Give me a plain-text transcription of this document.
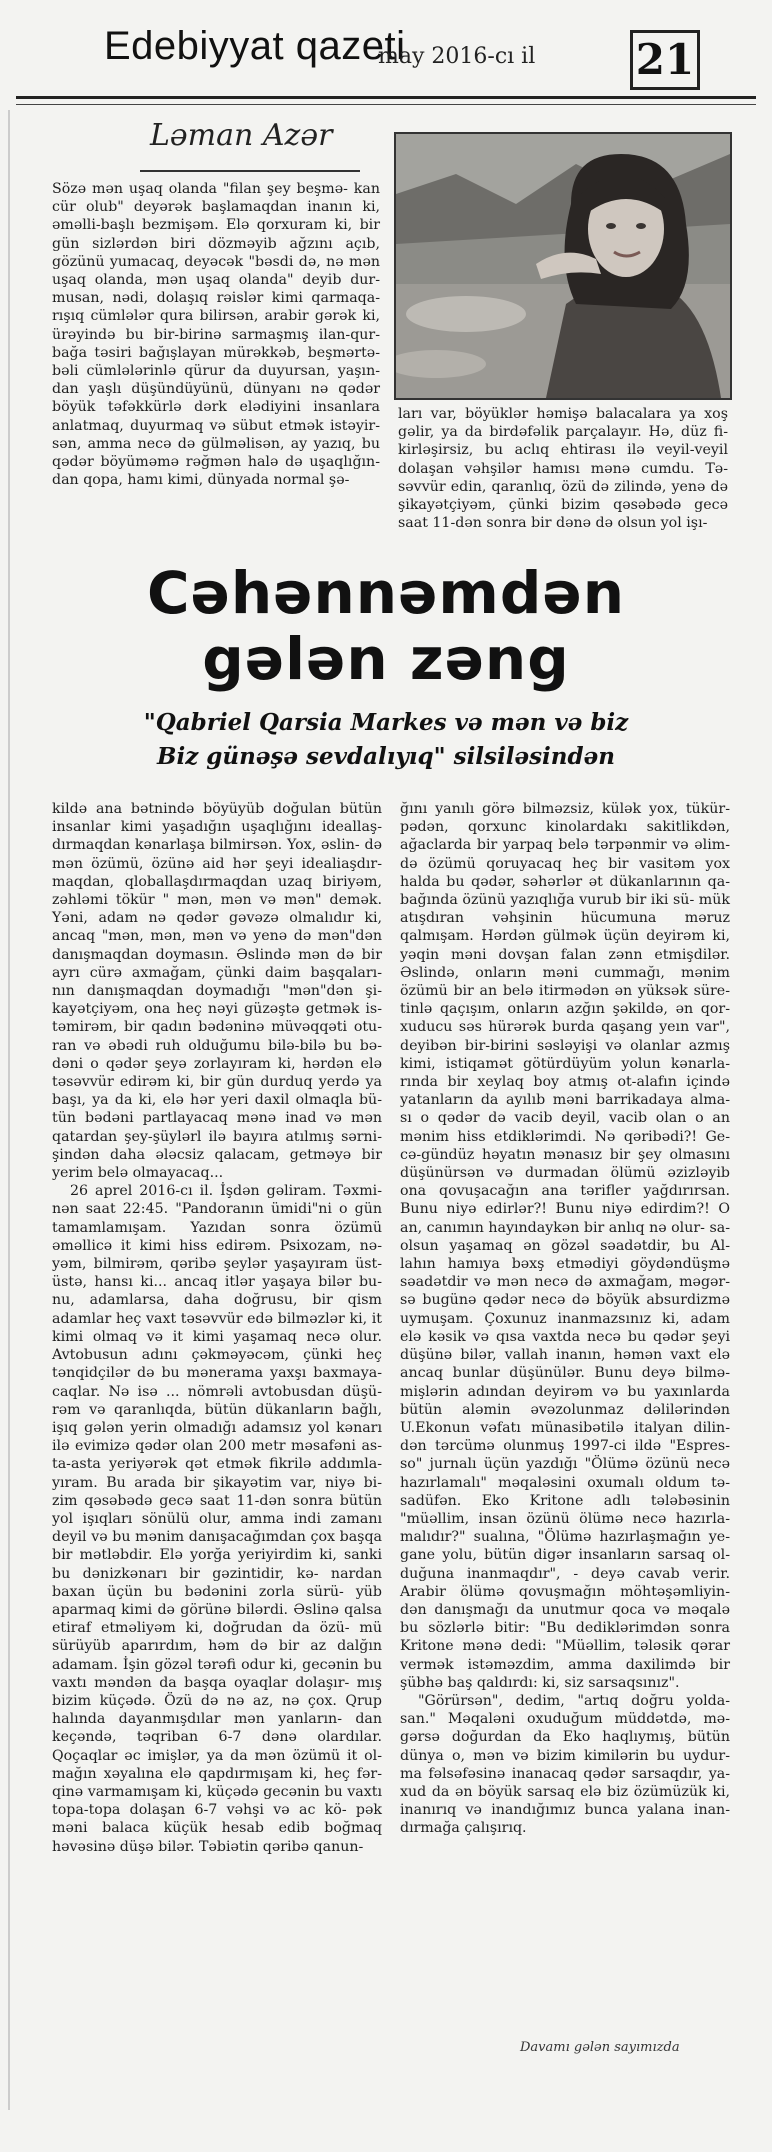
Edebiyyat qazeti
may 2016-cı il 21
Ləman Azər

Sözə mən uşaq olanda "filan şey beşmə- kan cür olub" deyərək başlamaqdan inanın ki, əməlli-başlı bezmişəm. Elə qorxuram ki, bir gün sizlərdən biri dözməyib ağzını açıb, gözünü yumacaq, deyəcək "bəsdi də, nə mən uşaq olanda, mən uşaq olanda" deyib dur- musan, nədi, dolaşıq rəislər kimi qarmaqa- rışıq cümlələr qura bilirsən, arabir gərək ki, ürəyində bu bir-birinə sarmaşmış ilan-qur- bağa təsiri bağışlayan mürəkkəb, beşmərtə- bəli cümlələrinlə qürur da duyursan, yaşın- dan yaşlı düşündüyünü, dünyanı nə qədər böyük təfəkkürlə dərk elədiyini insanlara anlatmaq, duyurmaq və sübut etmək istəyir- sən, amma necə də gülməlisən, ay yazıq, bu qədər böyüməmə rəğmən halə də uşaqlığın- dan qopa, hamı kimi, dünyada normal şə-

ları var, böyüklər həmişə balacalara ya xoş gəlir, ya da birdəfəlik parçalayır. Hə, düz fi- kirləşirsiz, bu aclıq ehtirası ilə veyil-veyil dolaşan vəhşilər hamısı mənə cumdu. Tə- səvvür edin, qaranlıq, özü də zilində, yenə də şikayətçiyəm, çünki bizim qəsəbədə gecə saat 11-dən sonra bir dənə də olsun yol işı-

Cəhənnəmdən
gələn zəng
"Qabriel Qarsia Markes və mən və biz
Biz günəşə sevdalıyıq" silsiləsindən

kildə ana bətnində böyüyüb doğulan bütün insanlar kimi yaşadığın uşaqlığını ideallaş- dırmaqdan kənarlaşa bilmirsən. Yox, əslin- də mən özümü, özünə aid hər şeyi idealiaşdır- maqdan, qloballaşdırmaqdan uzaq biriyəm, zəhləmi tökür " mən, mən və mən" demək. Yəni, adam nə qədər gəvəzə olmalıdır ki, ancaq "mən, mən, mən və yenə də mən"dən danışmaqdan doymasın. Əslində mən də bir ayrı cürə axmağam, çünki daim başqaları- nın danışmaqdan doymadığı "mən"dən şi- kayətçiyəm, ona heç nəyi güzəştə getmək is- təmirəm, bir qadın bədəninə müvəqqəti otu- ran və əbədi ruh olduğumu bilə-bilə bu bə- dəni o qədər şeyə zorlayıram ki, hərdən elə təsəvvür edirəm ki, bir gün durduq yerdə ya başı, ya da ki, elə hər yeri daxil olmaqla bü- tün bədəni partlayacaq mənə inad və mən qatardan şey-şüylərl ilə bayıra atılmış sərni- şindən daha ələcsiz qalacam, getməyə bir yerim belə olmayacaq...

26 aprel 2016-cı il. İşdən gəliram. Təxmi- nən saat 22:45. "Pandoranın ümidi"ni o gün tamamlamışam. Yazıdan sonra özümü əməllicə it kimi hiss edirəm. Psixozam, nə- yəm, bilmirəm, qəribə şeylər yaşayıram üst- üstə, hansı ki... ancaq itlər yaşaya bilər bu- nu, adamlarsa, daha doğrusu, bir qism adamlar heç vaxt təsəvvür edə bilməzlər ki, it kimi olmaq və it kimi yaşamaq necə olur. Avtobusun adını çəkməyəcəm, çünki heç tənqidçilər də bu mənerama yaxşı baxmaya- caqlar. Nə isə ... nömrəli avtobusdan düşü- rəm və qaranlıqda, bütün dükanların bağlı, işıq gələn yerin olmadığı adamsız yol kənarı ilə evimizə qədər olan 200 metr məsafəni as- ta-asta yeriyərək qət etmək fikrilə addımla- yıram. Bu arada bir şikayətim var, niyə bi- zim qəsəbədə gecə saat 11-dən sonra bütün yol işıqları sönülü olur, amma indi zamanı deyil və bu mənim danışacağımdan çox başqa bir mətləbdir. Elə yorğa yeriyirdim ki, sanki bu dənizkənarı bir gəzintidir, kə- nardan baxan üçün bu bədənini zorla sürü- yüb aparmaq kimi də görünə bilərdi. Əslinə qalsa etiraf etməliyəm ki, doğrudan da özü- mü sürüyüb aparırdım, həm də bir az dalğın adamam. İşin gözəl tərəfi odur ki, gecənin bu vaxtı məndən da başqa oyaqlar dolaşır- mış bizim küçədə. Özü də nə az, nə çox. Qrup halında dayanmışdılar mən yanların- dan keçəndə, təqriban 6-7 dənə olardılar. Qoçaqlar əc imişlər, ya da mən özümü it ol- mağın xəyalına elə qapdırmışam ki, heç fər- qinə varmamışam ki, küçədə gecənin bu vaxtı topa-topa dolaşan 6-7 vəhşi və ac kö- pək məni balaca küçük hesab edib boğmaq həvəsinə düşə bilər. Təbiətin qəribə qanun-

ğını yanılı görə bilməzsiz, külək yox, tükür- pədən, qorxunc kinolardakı sakitlikdən, ağaclarda bir yarpaq belə tərpənmir və əlim- də özümü qoruyacaq heç bir vasitəm yox halda bu qədər, səhərlər ət dükanlarının qa- bağında özünü yazıqlığa vurub bir iki sü- mük atışdıran vəhşinin hücumuna məruz qalmışam. Hərdən gülmək üçün deyirəm ki, yəqin məni dovşan falan zənn etmişdilər. Əslində, onların məni cummağı, mənim özümü bir an belə itirmədən ən yüksək süre- tinlə qaçışım, onların azğın şəkildə, ən qor- xuducu səs hürərək burda qaşang yeın var", deyibən bir-birini səsləyişi və olanlar azmış kimi, istiqamət götürdüyüm yolun kənarla- rında bir xeylaq boy atmış ot-alafın içində yatanların da ayılıb məni barrikadaya alma- sı o qədər də vacib deyil, vacib olan o an mənim hiss etdiklərimdi. Nə qəribədi?! Ge- cə-gündüz həyatın mənasız bir şey olmasını düşünürsən və durmadan ölümü əzizləyib ona qovuşacağın ana tərifler yağdırırsan. Bunu niyə edirlər?! Bunu niyə edirdim?! O an, canımın hayındaykən bir anlıq nə olur- sa-olsun yaşamaq ən gözəl səadətdir, bu Al- lahın hamıya bəxş etmədiyi göydəndüşmə səadətdir və mən necə də axmağam, məgər- sə bugünə qədər necə də böyük absurdizmə uymuşam. Çoxunuz inanmazsınız ki, adam elə kəsik və qısa vaxtda necə bu qədər şeyi düşünə bilər, vallah inanın, həmən vaxt elə ancaq bunlar düşünülər. Bunu deyə bilmə- mişlərin adından deyirəm və bu yaxınlarda bütün aləmin əvəzolunmaz dəlilərindən U.Ekonun vəfatı münasibətilə italyan dilin- dən tərcümə olunmuş 1997-ci ildə "Espres- so" jurnalı üçün yazdığı "Ölümə özünü necə hazırlamalı" məqaləsini oxumalı oldum tə- sadüfən. Eko Kritone adlı tələbəsinin "müəllim, insan özünü ölümə necə hazırla- malıdır?" sualına, "Ölümə hazırlaşmağın ye- gane yolu, bütün digər insanların sarsaq ol- duğuna inanmaqdır", - deyə cavab verir. Arabir ölümə qovuşmağın möhtəşəmliyin- dən danışmağı da unutmur qoca və məqalə bu sözlərlə bitir: "Bu dediklərimdən sonra Kritone mənə dedi: "Müəllim, tələsik qərar vermək istəməzdim, amma daxilimdə bir şübhə baş qaldırdı: ki, siz sarsaqsınız".

"Görürsən", dedim, "artıq doğru yolda- san." Məqaləni oxuduğum müddətdə, mə- gərsə doğurdan da Eko haqlıymış, bütün dünya o, mən və bizim kimilərin bu uydur- ma fəlsəfəsinə inanacaq qədər sarsaqdır, ya- xud da ən böyük sarsaq elə biz özümüzük ki, inanırıq və inandığımız bunca yalana inan- dırmağa çalışırıq.

Davamı gələn sayımızda
